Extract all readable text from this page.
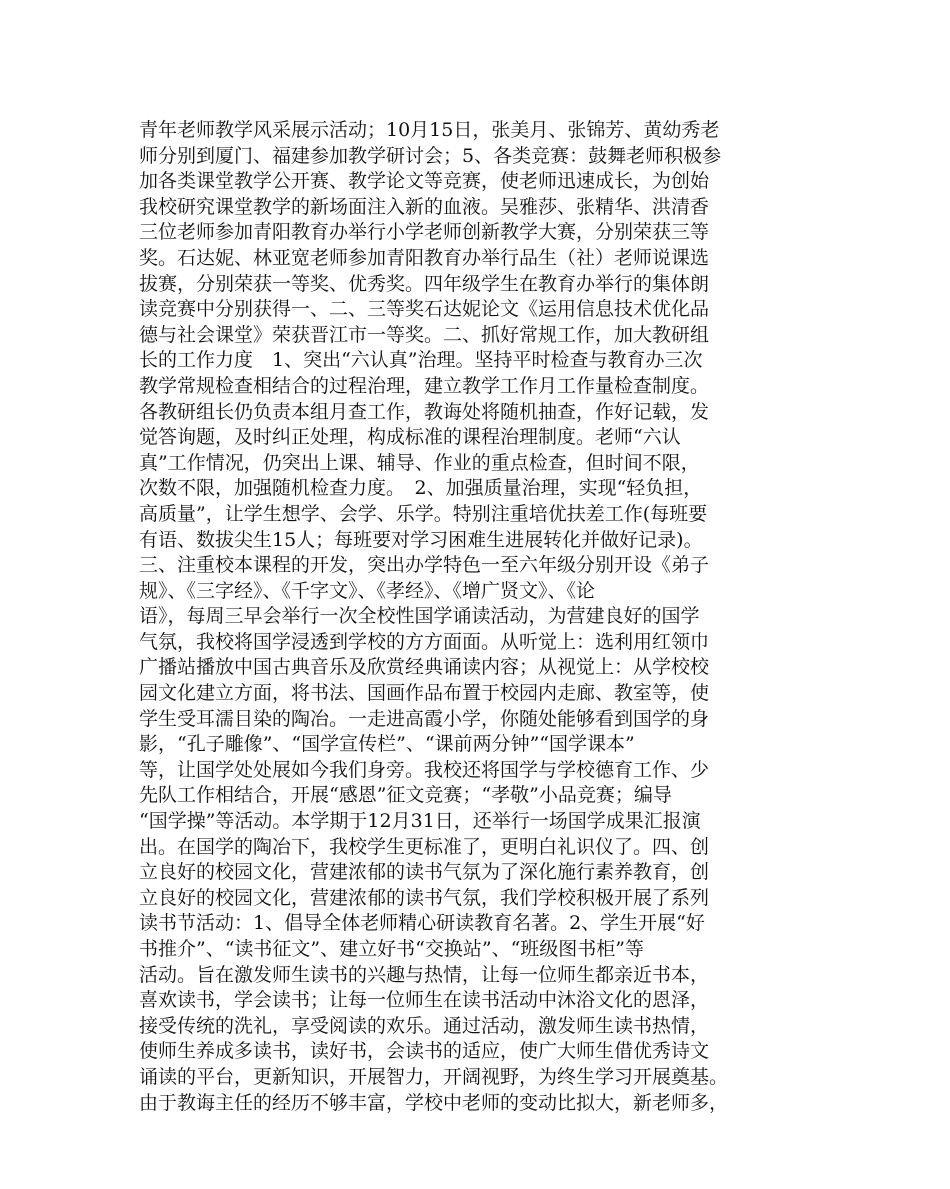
青年老师教学风采展示活动；10月15日，张美月、张锦芳、黄幼秀老
师分别到厦门、福建参加教学研讨会；5、各类竞赛：鼓舞老师积极参
加各类课堂教学公开赛、教学论文等竞赛，使老师迅速成长，为创始
我校研究课堂教学的新场面注入新的血液。吴雅莎、张精华、洪清香
三位老师参加青阳教育办举行小学老师创新教学大赛，分别荣获三等
奖。石达妮、林亚宽老师参加青阳教育办举行品生（社）老师说课选
拔赛，分别荣获一等奖、优秀奖。四年级学生在教育办举行的集体朗
读竞赛中分别获得一、二、三等奖石达妮论文《运用信息技术优化品
德与社会课堂》荣获晋江市一等奖。二、抓好常规工作，加大教研组
长的工作力度　1、突出“六认真”治理。坚持平时检查与教育办三次
教学常规检查相结合的过程治理，建立教学工作月工作量检查制度。
各教研组长仍负责本组月查工作，教诲处将随机抽查，作好记载，发
觉答询题，及时纠正处理，构成标准的课程治理制度。老师“六认
真”工作情况，仍突出上课、辅导、作业的重点检查，但时间不限，
次数不限，加强随机检查力度。　2、加强质量治理，实现“轻负担，
高质量”，让学生想学、会学、乐学。特别注重培优扶差工作(每班要
有语、数拔尖生15人；每班要对学习困难生进展转化并做好记录)。
三、注重校本课程的开发，突出办学特色一至六年级分别开设《弟子
规》、《三字经》、《千字文》、《孝经》、《增广贤文》、《论
语》，每周三早会举行一次全校性国学诵读活动，为营建良好的国学
气氛，我校将国学浸透到学校的方方面面。从听觉上：选利用红领巾
广播站播放中国古典音乐及欣赏经典诵读内容；从视觉上：从学校校
园文化建立方面，将书法、国画作品布置于校园内走廊、教室等，使
学生受耳濡目染的陶冶。一走进高霞小学，你随处能够看到国学的身
影，“孔子雕像”、“国学宣传栏”、“课前两分钟”“国学课本”
等，让国学处处展如今我们身旁。我校还将国学与学校德育工作、少
先队工作相结合，开展“感恩”征文竞赛；“孝敬”小品竞赛；编导
“国学操”等活动。本学期于12月31日，还举行一场国学成果汇报演
出。在国学的陶冶下，我校学生更标准了，更明白礼识仪了。四、创
立良好的校园文化，营建浓郁的读书气氛为了深化施行素养教育，创
立良好的校园文化，营建浓郁的读书气氛，我们学校积极开展了系列
读书节活动：1、倡导全体老师精心研读教育名著。2、学生开展“好
书推介”、“读书征文”、建立好书“交换站”、“班级图书柜”等
活动。旨在激发师生读书的兴趣与热情，让每一位师生都亲近书本，
喜欢读书，学会读书；让每一位师生在读书活动中沐浴文化的恩泽，
接受传统的洗礼，享受阅读的欢乐。通过活动，激发师生读书热情，
使师生养成多读书，读好书，会读书的适应，使广大师生借优秀诗文
诵读的平台，更新知识，开展智力，开阔视野，为终生学习开展奠基。
由于教诲主任的经历不够丰富，学校中老师的变动比拟大，新老师多，
